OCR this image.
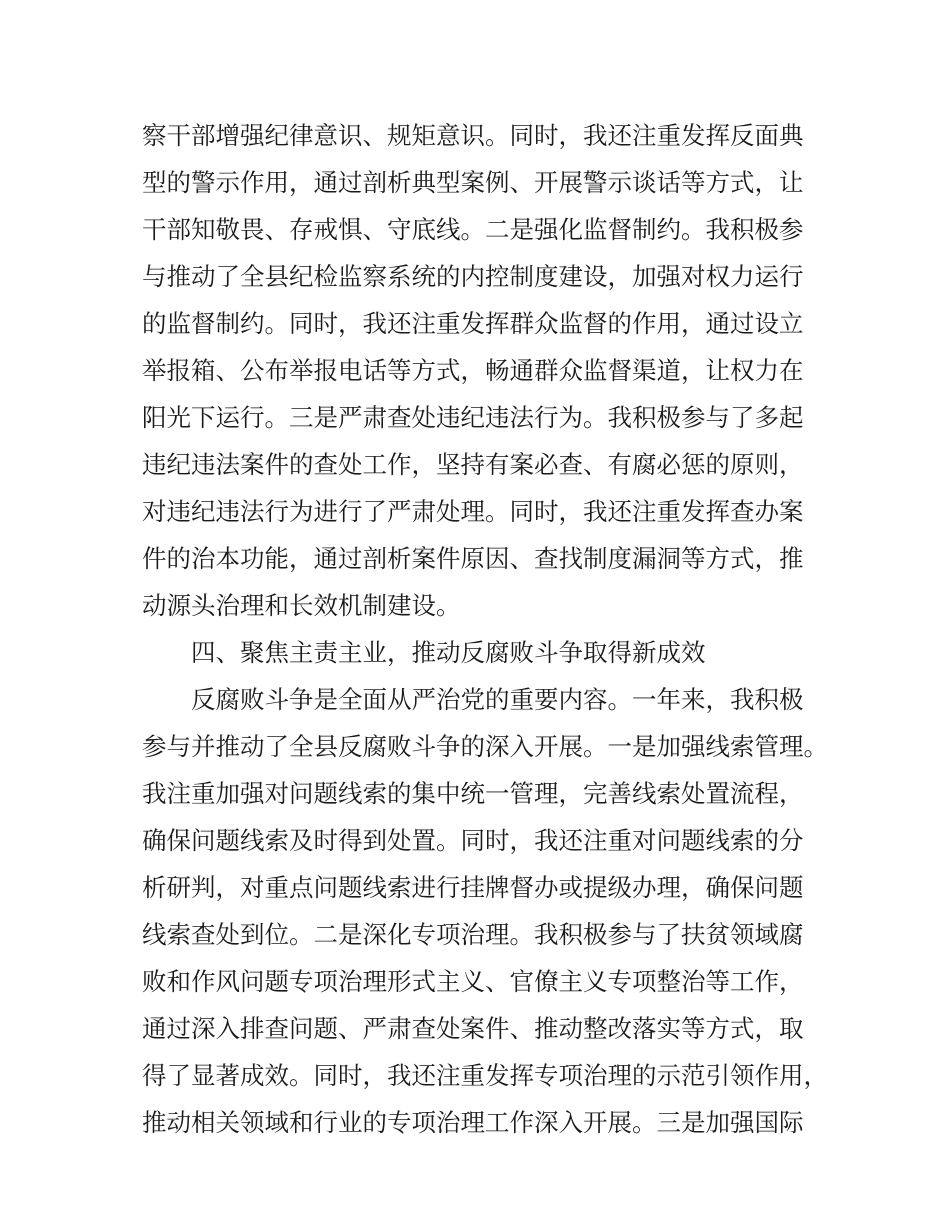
察干部增强纪律意识、规矩意识。同时，我还注重发挥反面典
型的警示作用，通过剖析典型案例、开展警示谈话等方式，让
干部知敬畏、存戒惧、守底线。二是强化监督制约。我积极参
与推动了全县纪检监察系统的内控制度建设，加强对权力运行
的监督制约。同时，我还注重发挥群众监督的作用，通过设立
举报箱、公布举报电话等方式，畅通群众监督渠道，让权力在
阳光下运行。三是严肃查处违纪违法行为。我积极参与了多起
违纪违法案件的查处工作，坚持有案必查、有腐必惩的原则，
对违纪违法行为进行了严肃处理。同时，我还注重发挥查办案
件的治本功能，通过剖析案件原因、查找制度漏洞等方式，推
动源头治理和长效机制建设。
四、聚焦主责主业，推动反腐败斗争取得新成效
反腐败斗争是全面从严治党的重要内容。一年来，我积极
参与并推动了全县反腐败斗争的深入开展。一是加强线索管理。
我注重加强对问题线索的集中统一管理，完善线索处置流程，
确保问题线索及时得到处置。同时，我还注重对问题线索的分
析研判，对重点问题线索进行挂牌督办或提级办理，确保问题
线索查处到位。二是深化专项治理。我积极参与了扶贫领域腐
败和作风问题专项治理形式主义、官僚主义专项整治等工作，
通过深入排查问题、严肃查处案件、推动整改落实等方式，取
得了显著成效。同时，我还注重发挥专项治理的示范引领作用，
推动相关领域和行业的专项治理工作深入开展。三是加强国际
